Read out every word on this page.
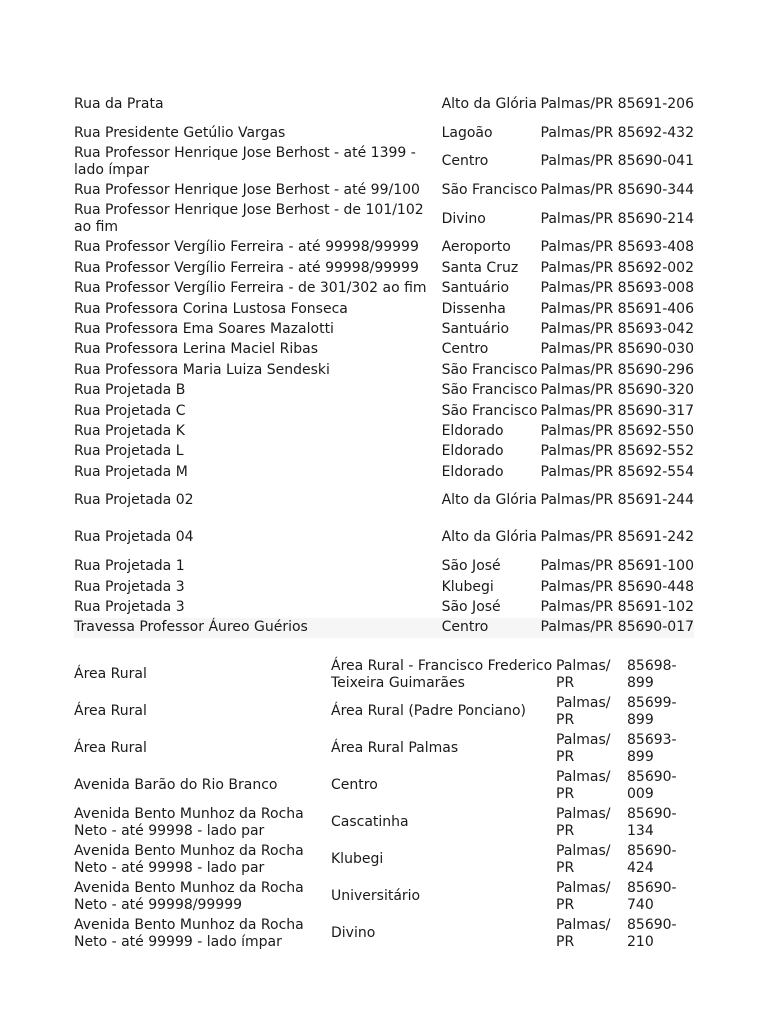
Rua da Prata	Alto da Glória	Palmas/PR 85691-206
Rua Presidente Getúlio Vargas	Lagoão	Palmas/PR 85692-432
Rua Professor Henrique Jose Berhost - até 1399 - lado ímpar	Centro	Palmas/PR 85690-041
Rua Professor Henrique Jose Berhost - até 99/100	São Francisco	Palmas/PR 85690-344
Rua Professor Henrique Jose Berhost - de 101/102 ao fim	Divino	Palmas/PR 85690-214
Rua Professor Vergílio Ferreira - até 99998/99999	Aeroporto	Palmas/PR 85693-408
Rua Professor Vergílio Ferreira - até 99998/99999	Santa Cruz	Palmas/PR 85692-002
Rua Professor Vergílio Ferreira - de 301/302 ao fim	Santuário	Palmas/PR 85693-008
Rua Professora Corina Lustosa Fonseca	Dissenha	Palmas/PR 85691-406
Rua Professora Ema Soares Mazalotti	Santuário	Palmas/PR 85693-042
Rua Professora Lerina Maciel Ribas	Centro	Palmas/PR 85690-030
Rua Professora Maria Luiza Sendeski	São Francisco	Palmas/PR 85690-296
Rua Projetada B	São Francisco	Palmas/PR 85690-320
Rua Projetada C	São Francisco	Palmas/PR 85690-317
Rua Projetada K	Eldorado	Palmas/PR 85692-550
Rua Projetada L	Eldorado	Palmas/PR 85692-552
Rua Projetada M	Eldorado	Palmas/PR 85692-554
Rua Projetada 02	Alto da Glória	Palmas/PR 85691-244
Rua Projetada 04	Alto da Glória	Palmas/PR 85691-242
Rua Projetada 1	São José	Palmas/PR 85691-100
Rua Projetada 3	Klubegi	Palmas/PR 85690-448
Rua Projetada 3	São José	Palmas/PR 85691-102
Travessa Professor Áureo Guérios	Centro	Palmas/PR 85690-017
Área Rural	Área Rural - Francisco Frederico Teixeira Guimarães	Palmas/ PR	85698- 899
Área Rural	Área Rural (Padre Ponciano)	Palmas/ PR	85699- 899
Área Rural	Área Rural Palmas	Palmas/ PR	85693- 899
Avenida Barão do Rio Branco	Centro	Palmas/ PR	85690- 009
Avenida Bento Munhoz da Rocha Neto - até 99998 - lado par	Cascatinha	Palmas/ PR	85690- 134
Avenida Bento Munhoz da Rocha Neto - até 99998 - lado par	Klubegi	Palmas/ PR	85690- 424
Avenida Bento Munhoz da Rocha Neto - até 99998/99999	Universitário	Palmas/ PR	85690- 740
Avenida Bento Munhoz da Rocha Neto - até 99999 - lado ímpar	Divino	Palmas/ PR	85690- 210
